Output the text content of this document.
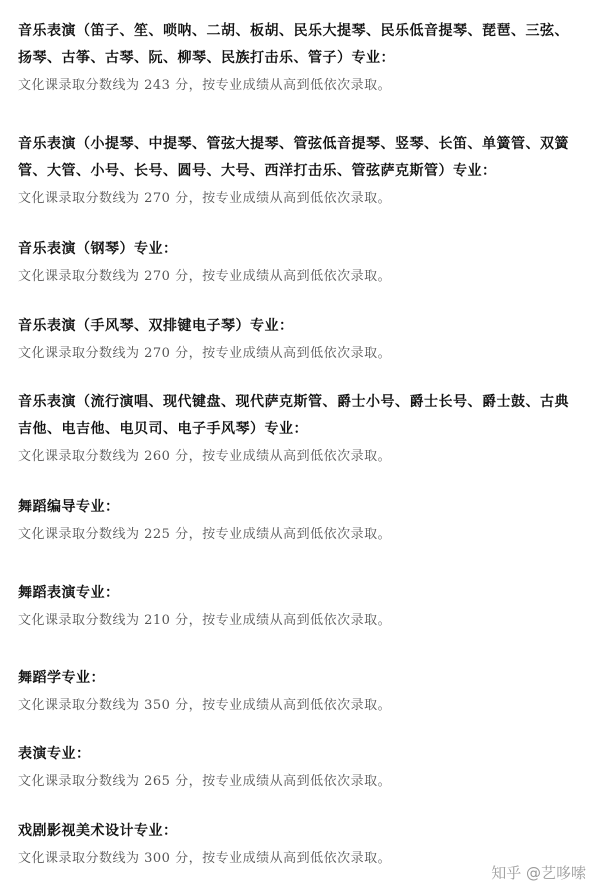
音乐表演（笛子、笙、唢呐、二胡、板胡、民乐大提琴、民乐低音提琴、琵琶、三弦、

扬琴、古筝、古琴、阮、柳琴、民族打击乐、管子）专业：

文化课录取分数线为 243 分，按专业成绩从高到低依次录取。

音乐表演（小提琴、中提琴、管弦大提琴、管弦低音提琴、竖琴、长笛、单簧管、双簧

管、大管、小号、长号、圆号、大号、西洋打击乐、管弦萨克斯管）专业：

文化课录取分数线为 270 分，按专业成绩从高到低依次录取。

音乐表演（钢琴）专业：

文化课录取分数线为 270 分，按专业成绩从高到低依次录取。

音乐表演（手风琴、双排键电子琴）专业：

文化课录取分数线为 270 分，按专业成绩从高到低依次录取。

音乐表演（流行演唱、现代键盘、现代萨克斯管、爵士小号、爵士长号、爵士鼓、古典

吉他、电吉他、电贝司、电子手风琴）专业：

文化课录取分数线为 260 分，按专业成绩从高到低依次录取。

舞蹈编导专业：

文化课录取分数线为 225 分，按专业成绩从高到低依次录取。

舞蹈表演专业：

文化课录取分数线为 210 分，按专业成绩从高到低依次录取。

舞蹈学专业：

文化课录取分数线为 350 分，按专业成绩从高到低依次录取。

表演专业：

文化课录取分数线为 265 分，按专业成绩从高到低依次录取。

戏剧影视美术设计专业：

文化课录取分数线为 300 分，按专业成绩从高到低依次录取。

知乎 @艺哆嗦
